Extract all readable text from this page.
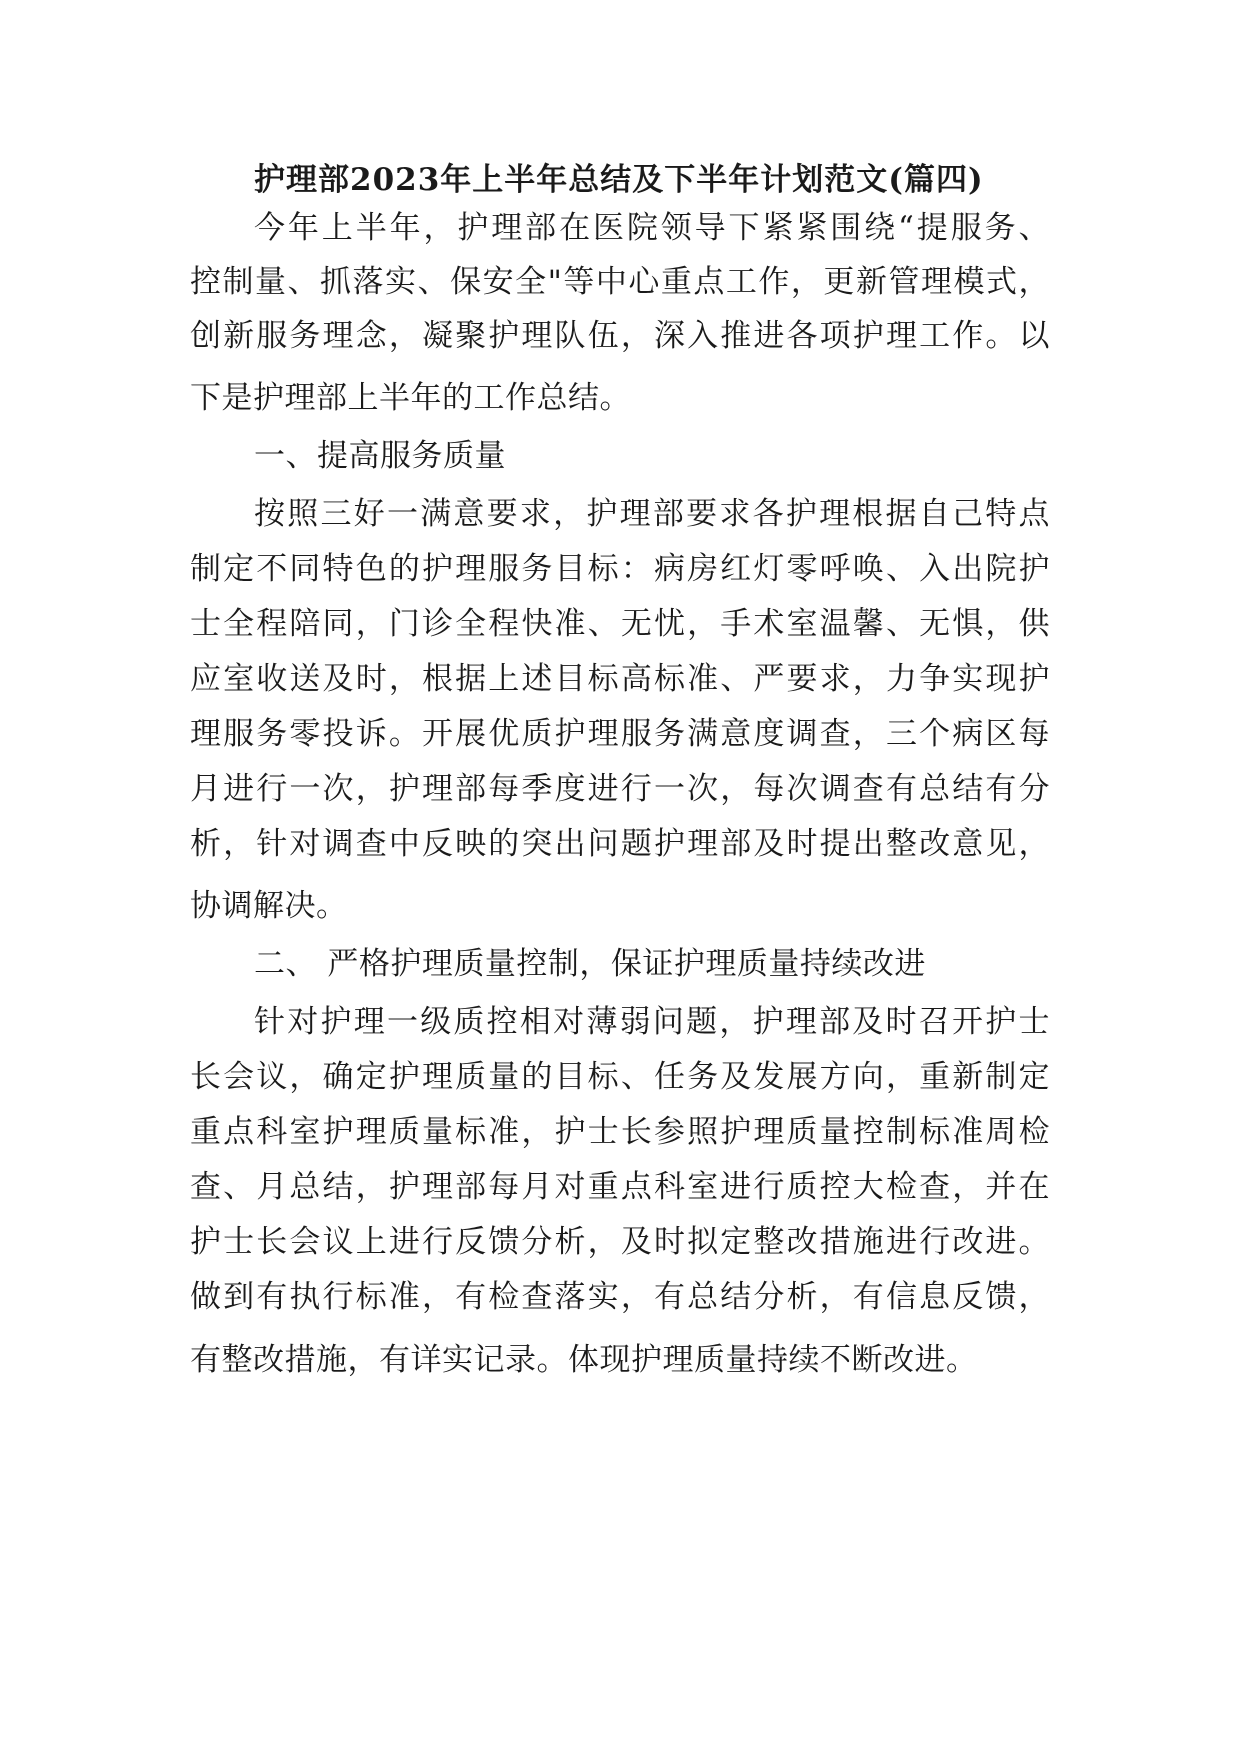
护理部2023年上半年总结及下半年计划范文(篇四)
今年上半年，护理部在医院领导下紧紧围绕“提服务、
控制量、抓落实、保安全"等中心重点工作，更新管理模式，
创新服务理念，凝聚护理队伍，深入推进各项护理工作。以
下是护理部上半年的工作总结。
一、提高服务质量
按照三好一满意要求，护理部要求各护理根据自己特点
制定不同特色的护理服务目标：病房红灯零呼唤、入出院护
士全程陪同，门诊全程快准、无忧，手术室温馨、无惧，供
应室收送及时，根据上述目标高标准、严要求，力争实现护
理服务零投诉。开展优质护理服务满意度调查，三个病区每
月进行一次，护理部每季度进行一次，每次调查有总结有分
析，针对调查中反映的突出问题护理部及时提出整改意见，
协调解决。
二、 严格护理质量控制，保证护理质量持续改进
针对护理一级质控相对薄弱问题，护理部及时召开护士
长会议，确定护理质量的目标、任务及发展方向，重新制定
重点科室护理质量标准，护士长参照护理质量控制标准周检
查、月总结，护理部每月对重点科室进行质控大检查，并在
护士长会议上进行反馈分析，及时拟定整改措施进行改进。
做到有执行标准，有检查落实，有总结分析，有信息反馈，
有整改措施，有详实记录。体现护理质量持续不断改进。
